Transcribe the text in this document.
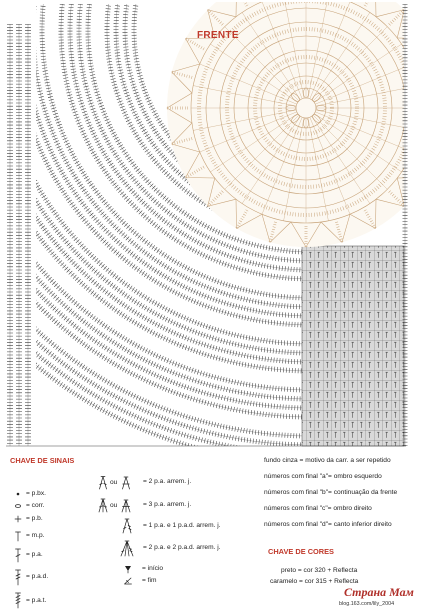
FRENTE
CHAVE DE SINAIS
= p.bx.
= corr.
= p.b.
= m.p.
= p.a.
= p.a.d.
= p.a.t.
ou	= 2 p.a. arrem. j.
ou	= 3 p.a. arrem. j.
= 1 p.a. e 1 p.a.d. arrem. j.
= 2 p.a. e 2 p.a.d. arrem. j.
= início
= fim
fundo cinza = motivo da carr. a ser repetido
números com final "a"= ombro esquerdo
números com final "b"= continuação da frente
números com final "c"= ombro direito
números com final "d"= canto inferior direito
CHAVE DE CORES
preto = cor 320 + Reflecta
caramelo = cor 315 + Reflecta
Страна Мам
blog.163.com/lily_2004
